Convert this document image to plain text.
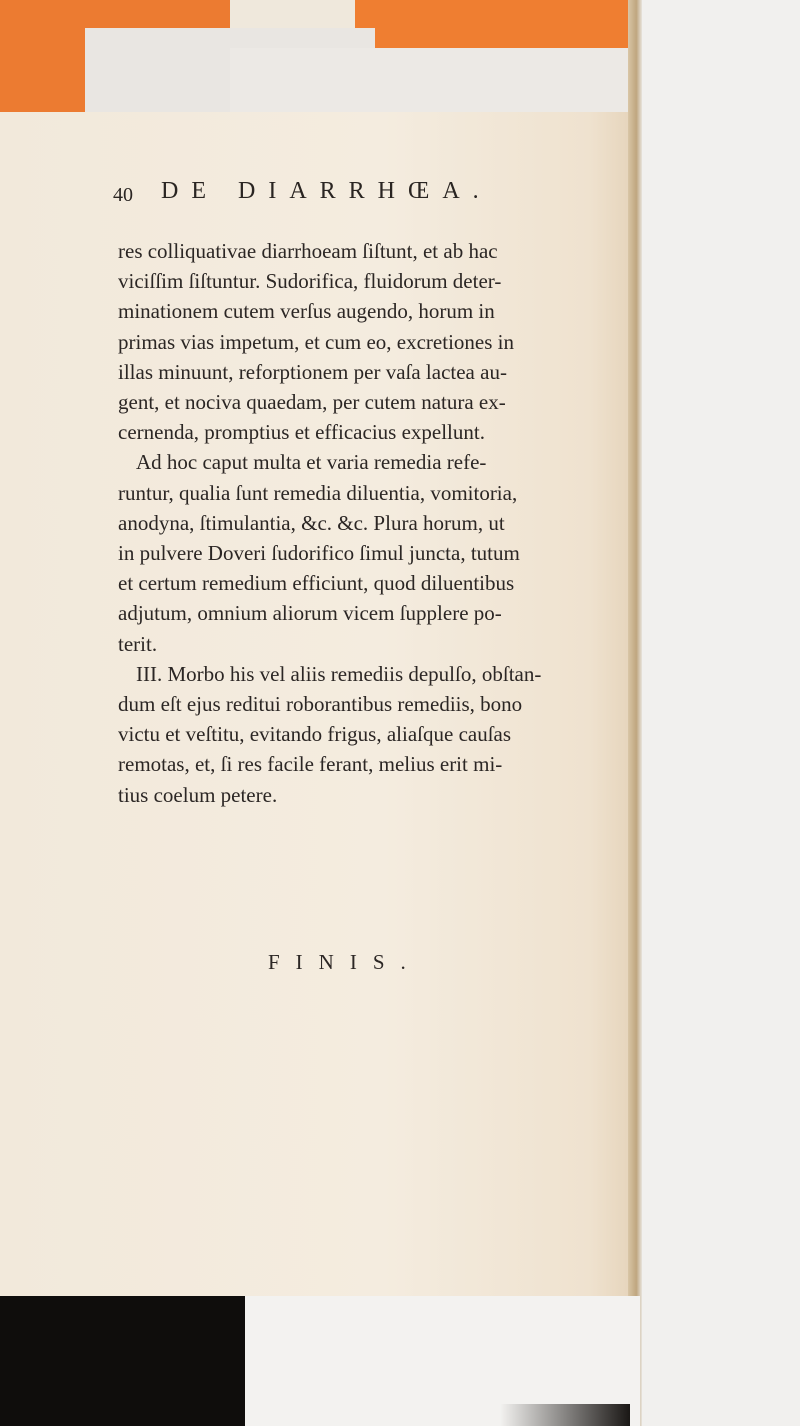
40 DE DIARRHŒA.

res colliquativae diarrhoeam ſiſtunt, et ab hac

viciſſim ſiſtuntur. Sudorifica, fluidorum deter-

minationem cutem verſus augendo, horum in

primas vias impetum, et cum eo, excretiones in

illas minuunt, reforptionem per vaſa lactea au-

gent, et nociva quaedam, per cutem natura ex-

cernenda, promptius et efficacius expellunt.

Ad hoc caput multa et varia remedia refe-

runtur, qualia ſunt remedia diluentia, vomitoria,

anodyna, ſtimulantia, &c. &c. Plura horum, ut

in pulvere Doveri ſudorifico ſimul juncta, tutum

et certum remedium efficiunt, quod diluentibus

adjutum, omnium aliorum vicem ſupplere po-

terit.

III. Morbo his vel aliis remediis depulſo, obſtan-

dum eſt ejus reditui roborantibus remediis, bono

victu et veſtitu, evitando frigus, aliaſque cauſas

remotas, et, ſi res facile ferant, melius erit mi-

tius coelum petere.

FINIS.
